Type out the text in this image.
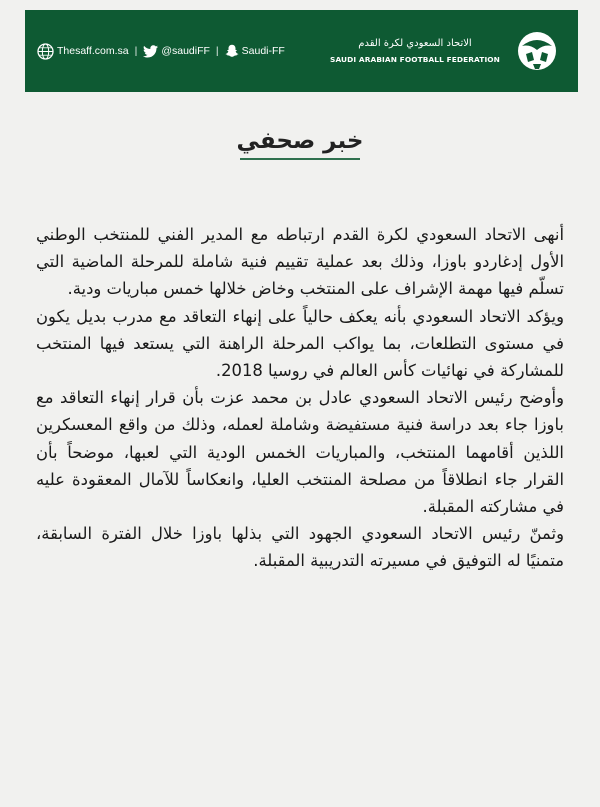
الاتحاد السعودي لكرة القدم
SAUDI ARABIAN FOOTBALL FEDERATION
Thesaff.com.sa | @saudiFF | Saudi-FF
خبر صحفي

أنهى الاتحاد السعودي لكرة القدم ارتباطه مع المدير الفني للمنتخب الوطني الأول إدغاردو باوزا، وذلك بعد عملية تقييم فنية شاملة للمرحلة الماضية التي تسلّم فيها مهمة الإشراف على المنتخب وخاض خلالها خمس مباريات ودية.

ويؤكد الاتحاد السعودي بأنه يعكف حالياً على إنهاء التعاقد مع مدرب بديل يكون في مستوى التطلعات، بما يواكب المرحلة الراهنة التي يستعد فيها المنتخب للمشاركة في نهائيات كأس العالم في روسيا 2018.

وأوضح رئيس الاتحاد السعودي عادل بن محمد عزت بأن قرار إنهاء التعاقد مع باوزا جاء بعد دراسة فنية مستفيضة وشاملة لعمله، وذلك من واقع المعسكرين اللذين أقامهما المنتخب، والمباريات الخمس الودية التي لعبها، موضحاً بأن القرار جاء انطلاقاً من مصلحة المنتخب العليا، وانعكاساً للآمال المعقودة عليه في مشاركته المقبلة.

وثمنّ رئيس الاتحاد السعودي الجهود التي بذلها باوزا خلال الفترة السابقة، متمنيًا له التوفيق في مسيرته التدريبية المقبلة.
